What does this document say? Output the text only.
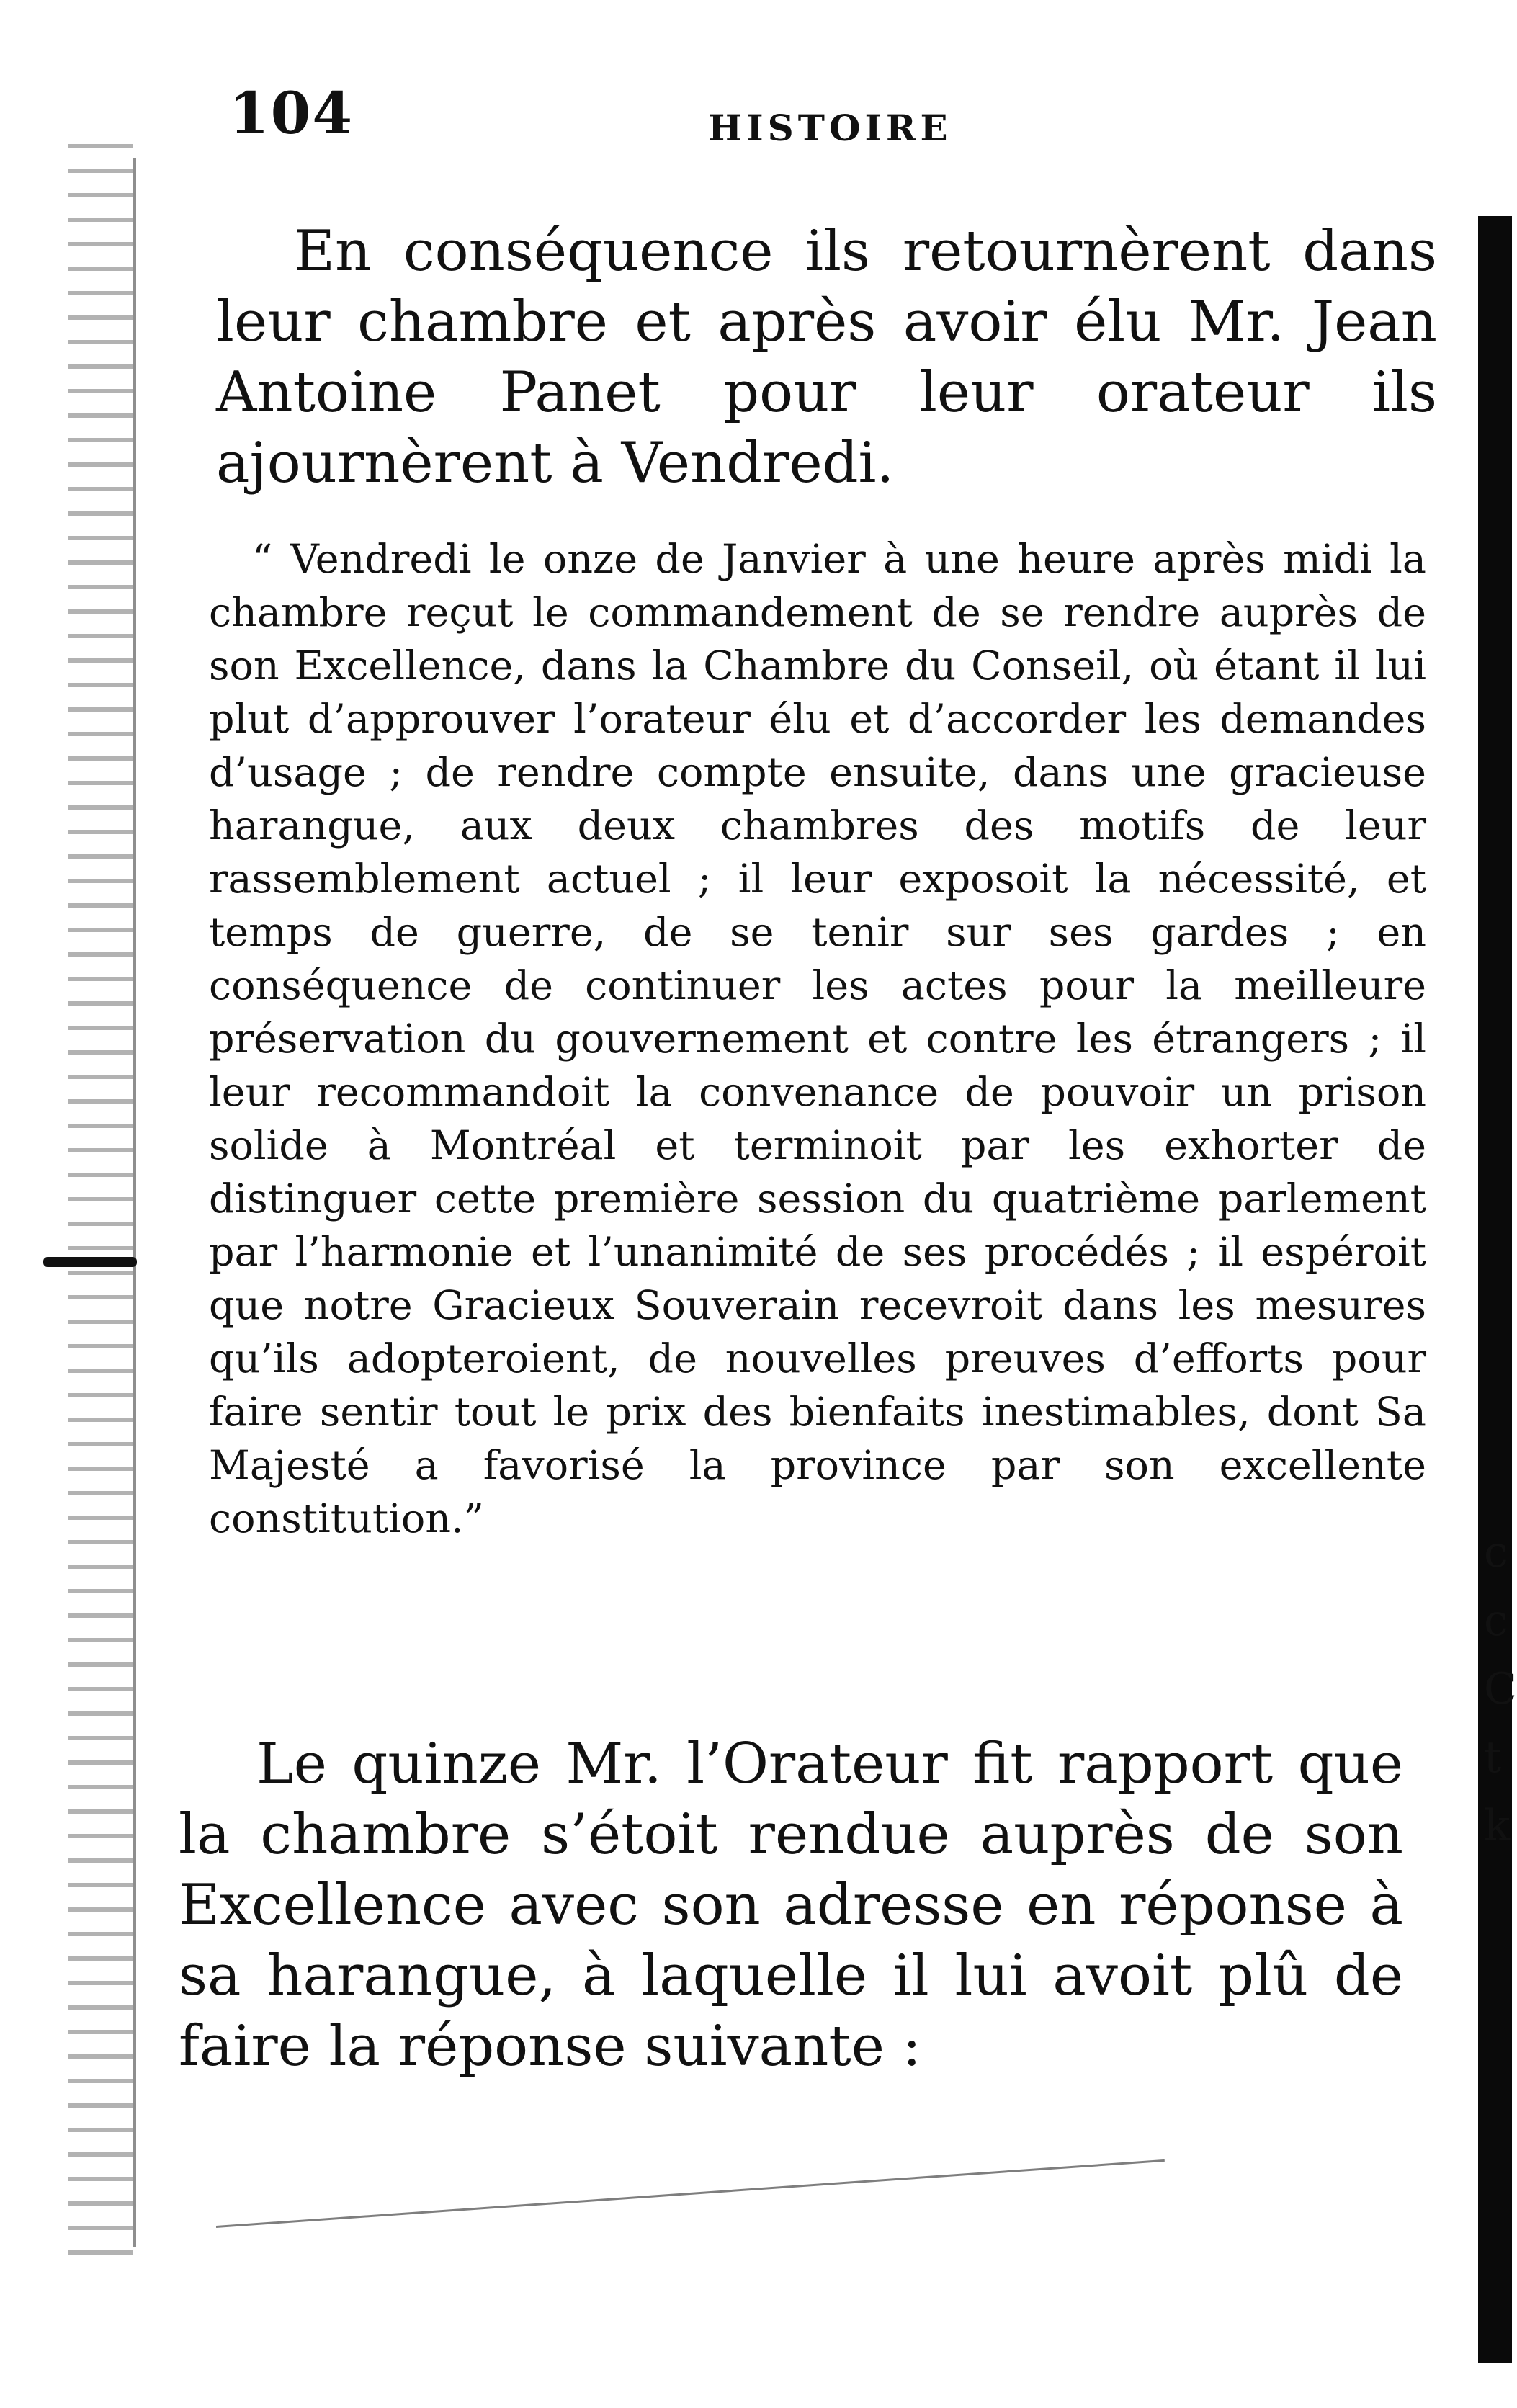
104	HISTOIRE

En conséquence ils retournèrent dans leur chambre et après avoir élu Mr. Jean Antoine Panet pour leur orateur ils ajournèrent à Vendredi.

“ Vendredi le onze de Janvier à une heure après midi la chambre reçut le commandement de se rendre auprès de son Excellence, dans la Chambre du Conseil, où étant il lui plut d’approuver l’orateur élu et d’accorder les demandes d’usage ; de rendre compte ensuite, dans une gracieuse harangue, aux deux chambres des motifs de leur rassemblement actuel ; il leur exposoit la nécessité, et temps de guerre, de se tenir sur ses gardes ; en conséquence de continuer les actes pour la meilleure préservation du gouvernement et contre les étrangers ; il leur recommandoit la convenance de pouvoir un prison solide à Montréal et terminoit par les exhorter de distinguer cette première session du quatrième parlement par l’harmonie et l’unanimité de ses procédés ; il espéroit que notre Gracieux Souverain recevroit dans les mesures qu’ils adopteroient, de nouvelles preuves d’efforts pour faire sentir tout le prix des bienfaits inestimables, dont Sa Majesté a favorisé la province par son excellente constitution.”

Le quinze Mr. l’Orateur fit rapport que la chambre s’étoit rendue auprès de son Excellence avec son adresse en réponse à sa harangue, à laquelle il lui avoit plû de faire la réponse suivante :

c
c
C
t
k
